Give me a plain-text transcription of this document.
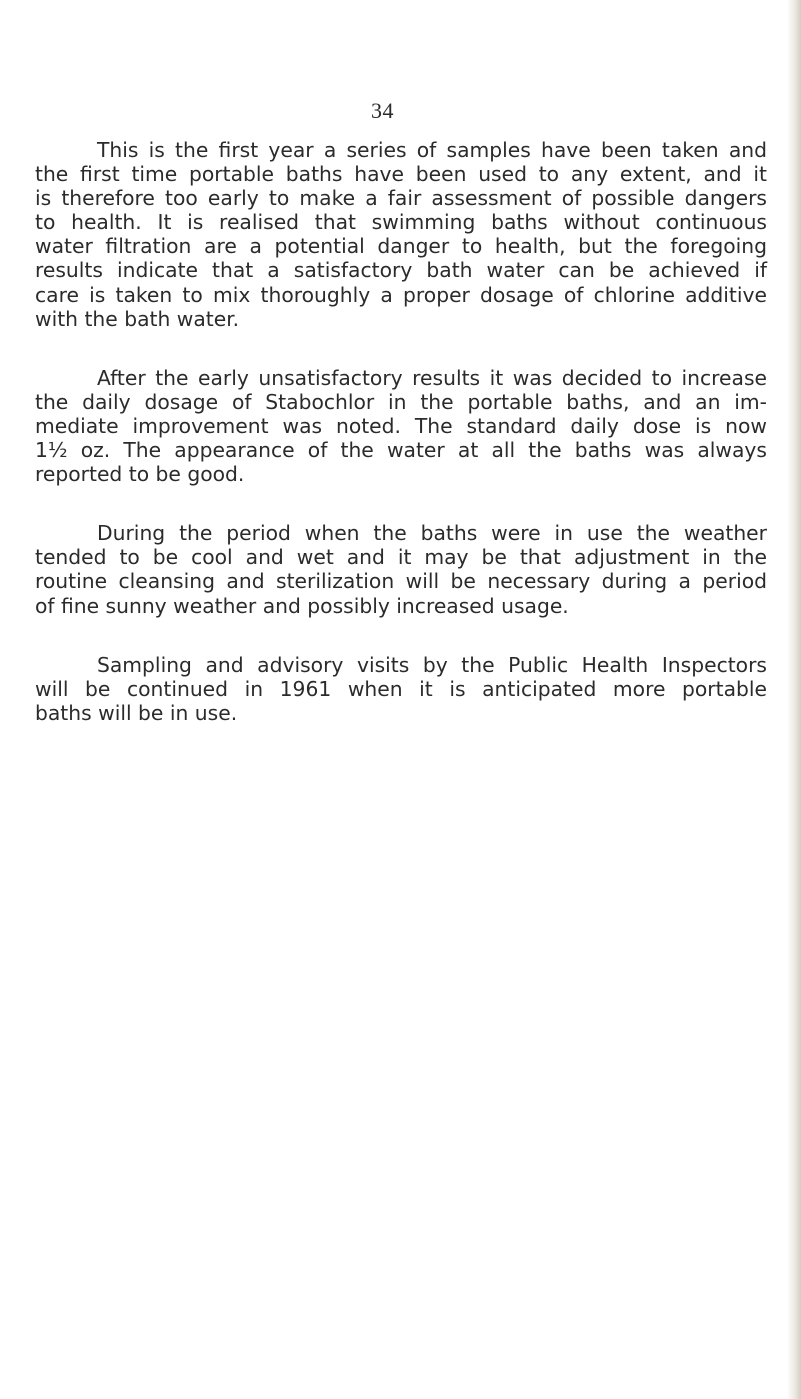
34
This is the first year a series of samples have been taken and
the first time portable baths have been used to any extent, and it
is therefore too early to make a fair assessment of possible dangers
to health. It is realised that swimming baths without continuous
water filtration are a potential danger to health, but the foregoing
results indicate that a satisfactory bath water can be achieved if
care is taken to mix thoroughly a proper dosage of chlorine additive
with the bath water.
After the early unsatisfactory results it was decided to increase
the daily dosage of Stabochlor in the portable baths, and an im-
mediate improvement was noted. The standard daily dose is now
1½ oz. The appearance of the water at all the baths was always
reported to be good.
During the period when the baths were in use the weather
tended to be cool and wet and it may be that adjustment in the
routine cleansing and sterilization will be necessary during a period
of fine sunny weather and possibly increased usage.
Sampling and advisory visits by the Public Health Inspectors
will be continued in 1961 when it is anticipated more portable
baths will be in use.
